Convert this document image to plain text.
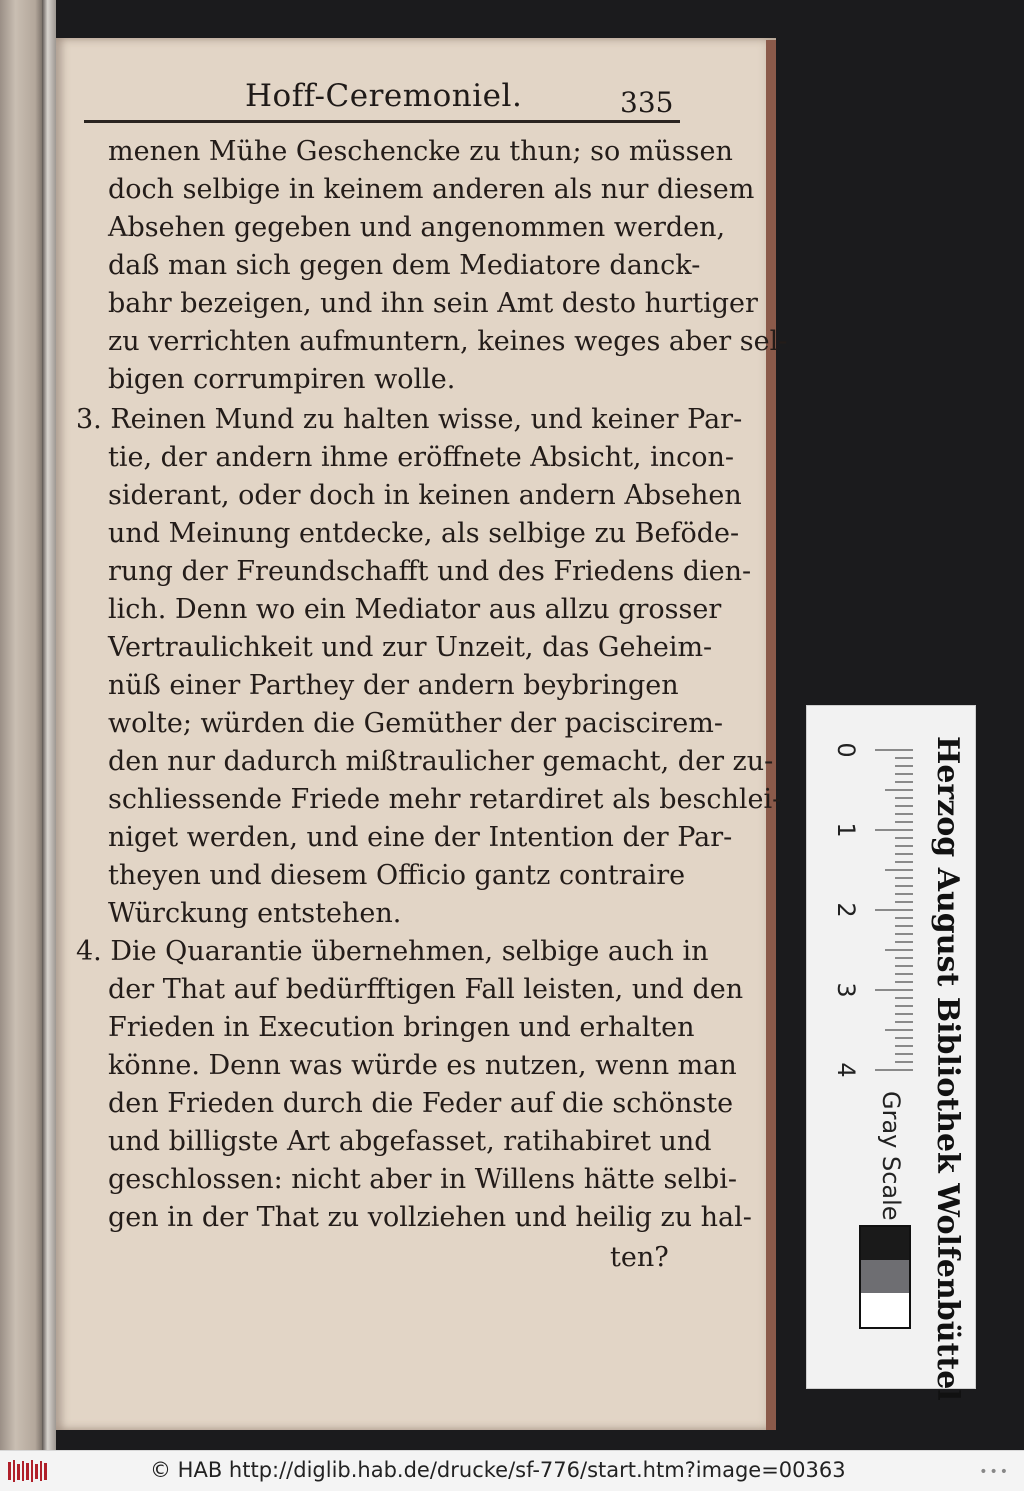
Hoff-Ceremoniel.	335
menen Mühe Geschencke zu thun; so müssen
doch selbige in keinem anderen als nur diesem
Absehen gegeben und angenommen werden,
daß man sich gegen dem Mediatore danck-
bahr bezeigen, und ihn sein Amt desto hurtiger
zu verrichten aufmuntern, keines weges aber sel-
bigen corrumpiren wolle.
3. Reinen Mund zu halten wisse, und keiner Par-
tie, der andern ihme eröffnete Absicht, incon-
siderant, oder doch in keinen andern Absehen
und Meinung entdecke, als selbige zu Beföde-
rung der Freundschafft und des Friedens dien-
lich. Denn wo ein Mediator aus allzu grosser
Vertraulichkeit und zur Unzeit, das Geheim-
nüß einer Parthey der andern beybringen
wolte; würden die Gemüther der paciscirem-
den nur dadurch mißtraulicher gemacht, der zu-
schliessende Friede mehr retardiret als beschlei-
niget werden, und eine der Intention der Par-
theyen und diesem Officio gantz contraire
Würckung entstehen.
4. Die Quarantie übernehmen, selbige auch in
der That auf bedürfftigen Fall leisten, und den
Frieden in Execution bringen und erhalten
könne. Denn was würde es nutzen, wenn man
den Frieden durch die Feder auf die schönste
und billigste Art abgefasset, ratihabiret und
geschlossen: nicht aber in Willens hätte selbi-
gen in der That zu vollziehen und heilig zu hal-
ten?	Herzog August Bibliothek Wolfenbüttel
0
1
2
3
4
Gray Scale
© HAB http://diglib.hab.de/drucke/sf-776/start.htm?image=00363	•••
